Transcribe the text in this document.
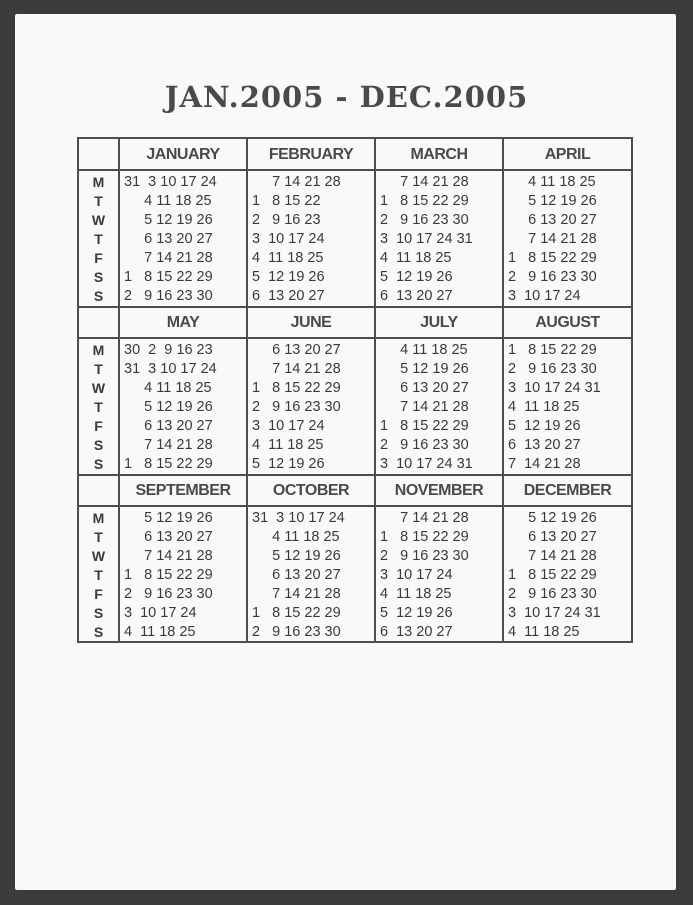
JAN.2005 - DEC.2005
M
T
W
T
F
S
S
JANUARY
31  3 10 17 24
4 11 18 25
5 12 19 26
6 13 20 27
7 14 21 28
1   8 15 22 29
2   9 16 23 30
FEBRUARY
7 14 21 28
1   8 15 22
2   9 16 23
3  10 17 24
4  11 18 25
5  12 19 26
6  13 20 27
MARCH
7 14 21 28
1   8 15 22 29
2   9 16 23 30
3  10 17 24 31
4  11 18 25
5  12 19 26
6  13 20 27
APRIL
4 11 18 25
5 12 19 26
6 13 20 27
7 14 21 28
1   8 15 22 29
2   9 16 23 30
3  10 17 24
M
T
W
T
F
S
S
MAY
30  2  9 16 23
31  3 10 17 24
4 11 18 25
5 12 19 26
6 13 20 27
7 14 21 28
1   8 15 22 29
JUNE
6 13 20 27
7 14 21 28
1   8 15 22 29
2   9 16 23 30
3  10 17 24
4  11 18 25
5  12 19 26
JULY
4 11 18 25
5 12 19 26
6 13 20 27
7 14 21 28
1   8 15 22 29
2   9 16 23 30
3  10 17 24 31
AUGUST
1   8 15 22 29
2   9 16 23 30
3  10 17 24 31
4  11 18 25
5  12 19 26
6  13 20 27
7  14 21 28
M
T
W
T
F
S
S
SEPTEMBER
5 12 19 26
6 13 20 27
7 14 21 28
1   8 15 22 29
2   9 16 23 30
3  10 17 24
4  11 18 25
OCTOBER
31  3 10 17 24
4 11 18 25
5 12 19 26
6 13 20 27
7 14 21 28
1   8 15 22 29
2   9 16 23 30
NOVEMBER
7 14 21 28
1   8 15 22 29
2   9 16 23 30
3  10 17 24
4  11 18 25
5  12 19 26
6  13 20 27
DECEMBER
5 12 19 26
6 13 20 27
7 14 21 28
1   8 15 22 29
2   9 16 23 30
3  10 17 24 31
4  11 18 25
